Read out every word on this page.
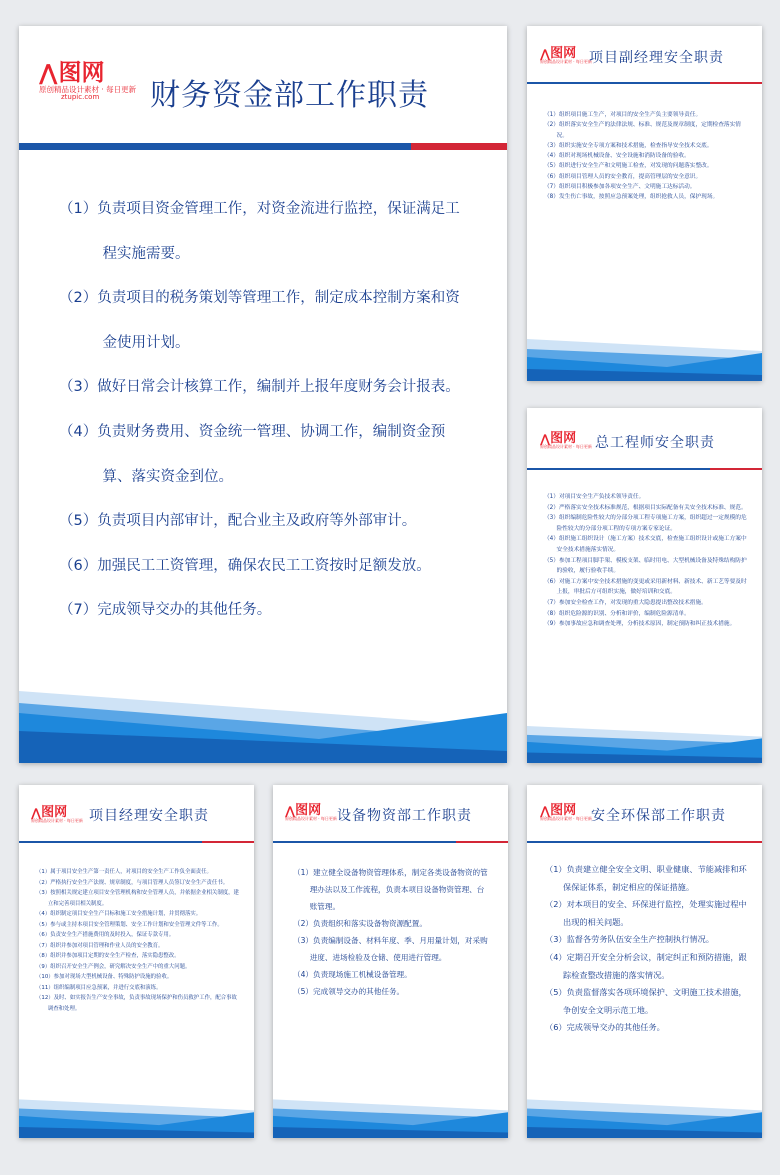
⋀ 图网
原创精品设计素材 · 每日更新
ztupic.com 财务资金部工作职责
（1）负责项目资金管理工作，对资金流进行监控，保证满足工程实施需要。
（2）负责项目的税务策划等管理工作，制定成本控制方案和资金使用计划。
（3）做好日常会计核算工作，编制并上报年度财务会计报表。
（4）负责财务费用、资金统一管理、协调工作，编制资金预算、落实资金到位。
（5）负责项目内部审计，配合业主及政府等外部审计。
（6）加强民工工资管理，确保农民工工资按时足额发放。
（7）完成领导交办的其他任务。
⋀ 图网
原创精品设计素材 · 每日更新
项目副经理安全职责
（1）组织项目施工生产，对项目的安全生产负主要领导责任。
（2）组织落实安全生产的法律法规、标准、规范及规章制度，定期检查落实情况。
（3）组织实施安全专项方案和技术措施，检查指导安全技术交底。
（4）组织对现场机械设备、安全设施和消防设备的验收。
（5）组织进行安全生产和文明施工检查，对发现的问题落实整改。
（6）组织项目管理人员的安全教育，提高管理层的安全意识。
（7）组织项目积极参加各项安全生产、文明施工达标活动。
（8）发生伤亡事故，按照应急预案处理，组织抢救人员，保护现场。
⋀ 图网
原创精品设计素材 · 每日更新 总工程师安全职责
（1）对项目安全生产负技术领导责任。
（2）严格落实安全技术标准规范，根据项目实际配备有关安全技术标准、规范。
（3）组织编制危险性较大的分部分项工程专项施工方案，组织超过一定规模的危险性较大的分部分项工程的专项方案专家论证。
（4）组织施工组织设计（施工方案）技术交底，检查施工组织设计或施工方案中安全技术措施落实情况。
（5）参加工程项目脚手架、模板支架、临时用电、大型机械设备及特殊结构防护的验收，履行验收手续。
（6）对施工方案中安全技术措施的变更或采用新材料、新技术、新工艺等要及时上报，审批后方可组织实施，做好培训和交底。
（7）参加安全检查工作，对发现的重大隐患提出整改技术措施。
（8）组织危险源的识别、分析和评价，编制危险源清单。
（9）参加事故应急和调查处理，分析技术原因，制定预防和纠正技术措施。
⋀ 图网
原创精品设计素材 · 每日更新 项目经理安全职责
（1）属于项目安全生产第一责任人，对项目的安全生产工作负全面责任。
（2）严格执行安全生产法规、规章制度，与项目管理人员签订安全生产责任书。
（3）按照相关规定建立项目安全管理机构和安全管理人员，并依据企业相关制度，建立和完善项目相关制度。
（4）组织制定项目安全生产目标和施工安全措施计划，并贯彻落实。
（5）参与或主持本项目安全管理策划、安全工作计划和安全管理文件等工作。
（6）负责安全生产措施费用的及时投入，保证专款专用。
（7）组织并参加对项目管理和作业人员的安全教育。
（8）组织并参加项目定期的安全生产检查，落实隐患整改。
（9）组织召开安全生产例会，研究解决安全生产中的重大问题。
（10）参加对现场大型机械设备、特殊防护设施的验收。
（11）组织编制项目应急预案，并进行交底和演练。
（12）及时、如实报告生产安全事故，负责事故现场保护和伤员救护工作，配合事故调查和处理。
⋀ 图网
原创精品设计素材 · 每日更新 设备物资部工作职责
（1）建立健全设备物资管理体系，制定各类设备物资的管理办法以及工作流程，负责本项目设备物资管理、台账管理。
（2）负责组织和落实设备物资源配置。
（3）负责编制设备、材料年度、季、月用量计划，对采购进度、进场检验及仓储、使用进行管理。
（4）负责现场施工机械设备管理。
（5）完成领导交办的其他任务。
⋀ 图网
原创精品设计素材 · 每日更新 安全环保部工作职责
（1）负责建立健全安全文明、职业健康、节能减排和环保保证体系，制定相应的保证措施。
（2）对本项目的安全、环保进行监控，处理实施过程中出现的相关问题。
（3）监督各劳务队伍安全生产控制执行情况。
（4）定期召开安全分析会议，制定纠正和预防措施，跟踪检查整改措施的落实情况。
（5）负责监督落实各项环境保护、文明施工技术措施，争创安全文明示范工地。
（6）完成领导交办的其他任务。
